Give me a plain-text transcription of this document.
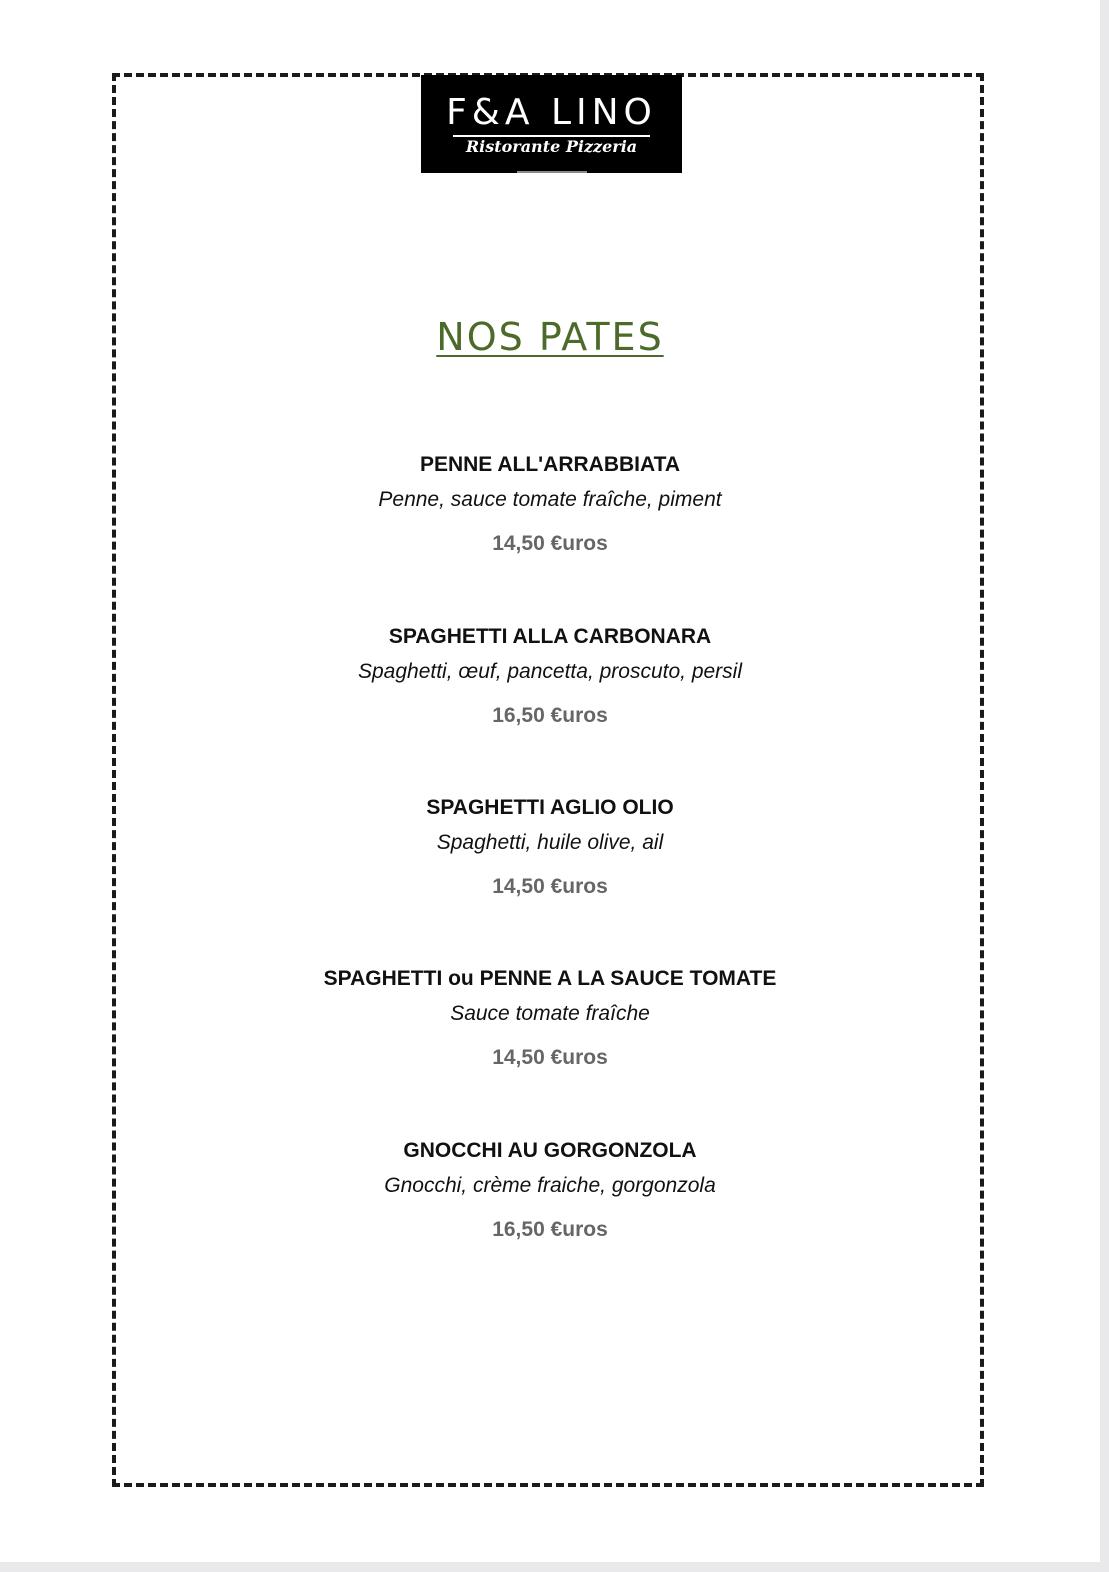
F&A LINO
Ristorante Pizzeria
NOS PATES
PENNE ALL'ARRABBIATA
Penne, sauce tomate fraîche, piment
14,50 €uros
SPAGHETTI ALLA CARBONARA
Spaghetti, œuf, pancetta, proscuto, persil
16,50 €uros
SPAGHETTI AGLIO OLIO
Spaghetti, huile olive, ail
14,50 €uros
SPAGHETTI ou PENNE A LA SAUCE TOMATE
Sauce tomate fraîche
14,50 €uros
GNOCCHI AU GORGONZOLA
Gnocchi, crème fraiche, gorgonzola
16,50 €uros
